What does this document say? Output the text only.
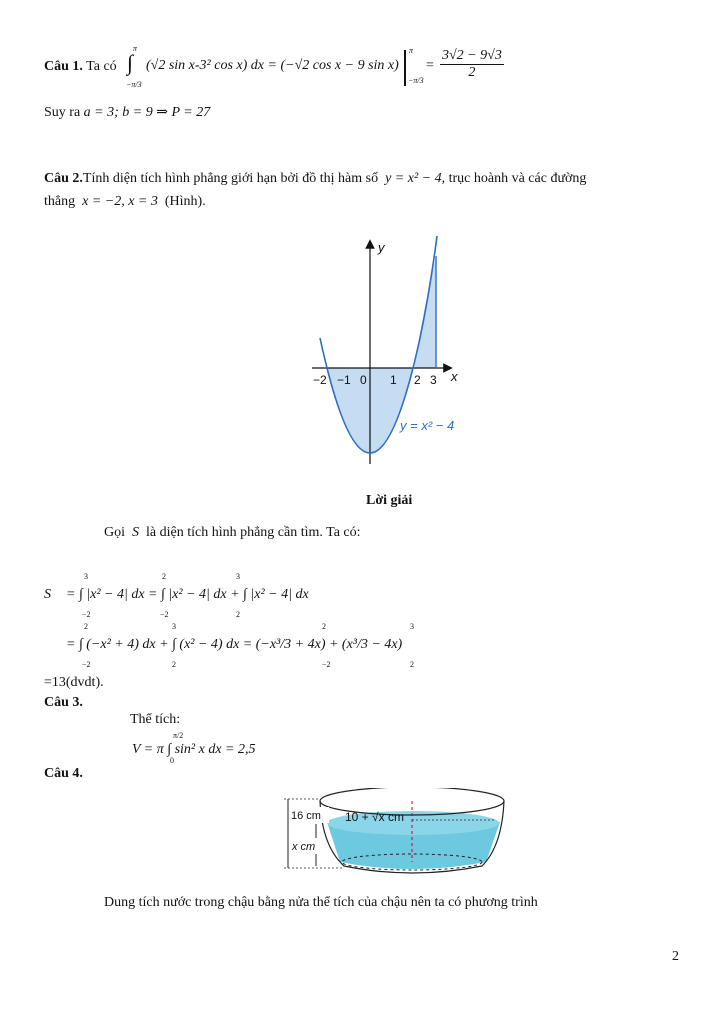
Câu 1. Ta có
π
∫
−π/3
(√2 sin x-3² cos x) dx = (−√2 cos x − 9 sin x)
π
−π/3
= $\frac{3√2 - 9√3}{2}$
Suy ra a = 3; b = 9 ⇒ P = 27
Câu 2.Tính diện tích hình phẳng giới hạn bởi đồ thị hàm số y = x² − 4, trục hoành và các đường
thẳng x = −2, x = 3 (Hình).
−2 −1 0 1 2 3 x
y
y = x² − 4
Lời giải
Gọi S là diện tích hình phẳng cần tìm. Ta có:
S
3
−2
2
−2
3
2
= ∫ |x² − 4| dx = ∫ |x² − 4| dx + ∫ |x² − 4| dx
2
−2
3
2
2
−2
3
2
= ∫ (−x² + 4) dx + ∫ (x² − 4) dx = (−x³/3 + 4x) + (x³/3 − 4x)
=13(dvdt).
Câu 3.
Thể tích:
π/2
0
V = π ∫ sin² x dx = 2,5
Câu 4.
16 cm
x cm
10 + √x cm
Dung tích nước trong chậu bằng nửa thể tích của chậu nên ta có phương trình
2
